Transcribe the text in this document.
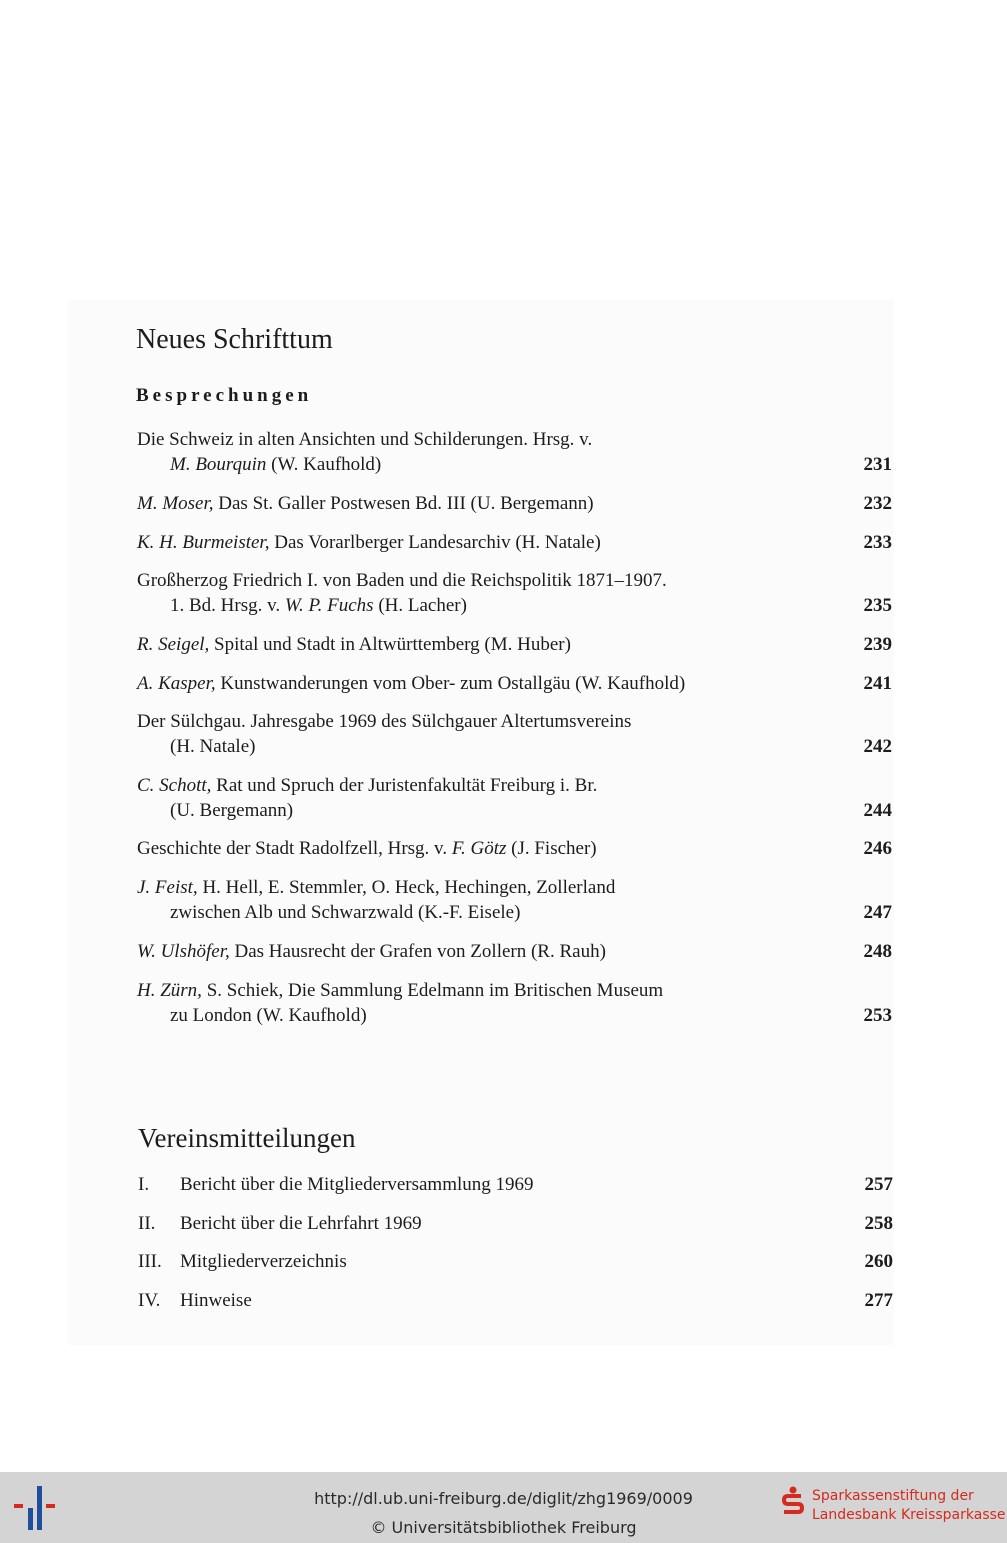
Neues Schrifttum
Besprechungen
Die Schweiz in alten Ansichten und Schilderungen. Hrsg. v.
M. Bourquin (W. Kaufhold)	231
M. Moser, Das St. Galler Postwesen Bd. III (U. Bergemann)	232
K. H. Burmeister, Das Vorarlberger Landesarchiv (H. Natale)	233
Großherzog Friedrich I. von Baden und die Reichspolitik 1871–1907.
1. Bd. Hrsg. v. W. P. Fuchs (H. Lacher)	235
R. Seigel, Spital und Stadt in Altwürttemberg (M. Huber)	239
A. Kasper, Kunstwanderungen vom Ober- zum Ostallgäu (W. Kaufhold)	241
Der Sülchgau. Jahresgabe 1969 des Sülchgauer Altertumsvereins
(H. Natale)	242
C. Schott, Rat und Spruch der Juristenfakultät Freiburg i. Br.
(U. Bergemann)	244
Geschichte der Stadt Radolfzell, Hrsg. v. F. Götz (J. Fischer)	246
J. Feist, H. Hell, E. Stemmler, O. Heck, Hechingen, Zollerland
zwischen Alb und Schwarzwald (K.-F. Eisele)	247
W. Ulshöfer, Das Hausrecht der Grafen von Zollern (R. Rauh)	248
H. Zürn, S. Schiek, Die Sammlung Edelmann im Britischen Museum
zu London (W. Kaufhold)	253
Vereinsmitteilungen
I. Bericht über die Mitgliederversammlung 1969	257
II. Bericht über die Lehrfahrt 1969	258
III. Mitgliederverzeichnis	260
IV. Hinweise	277
http://dl.ub.uni-freiburg.de/diglit/zhg1969/0009
© Universitätsbibliothek Freiburg
Sparkassenstiftung der
Landesbank Kreissparkasse
